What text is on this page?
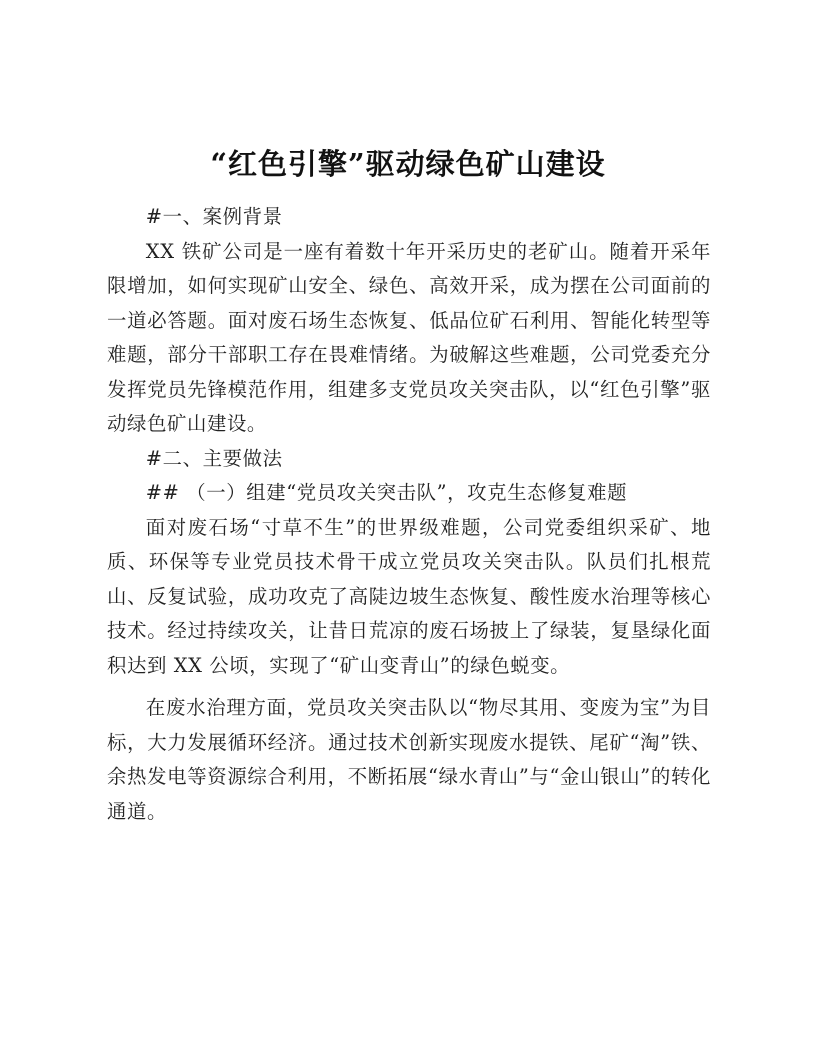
“红色引擎”驱动绿色矿山建设

#一、案例背景

XX 铁矿公司是一座有着数十年开采历史的老矿山。随着开采年限增加，如何实现矿山安全、绿色、高效开采，成为摆在公司面前的一道必答题。面对废石场生态恢复、低品位矿石利用、智能化转型等难题，部分干部职工存在畏难情绪。为破解这些难题，公司党委充分发挥党员先锋模范作用，组建多支党员攻关突击队，以“红色引擎”驱动绿色矿山建设。

#二、主要做法

## （一）组建“党员攻关突击队”，攻克生态修复难题

面对废石场“寸草不生”的世界级难题，公司党委组织采矿、地质、环保等专业党员技术骨干成立党员攻关突击队。队员们扎根荒山、反复试验，成功攻克了高陡边坡生态恢复、酸性废水治理等核心技术。经过持续攻关，让昔日荒凉的废石场披上了绿装，复垦绿化面积达到 XX 公顷，实现了“矿山变青山”的绿色蜕变。

在废水治理方面，党员攻关突击队以“物尽其用、变废为宝”为目标，大力发展循环经济。通过技术创新实现废水提铁、尾矿“淘”铁、余热发电等资源综合利用，不断拓展“绿水青山”与“金山银山”的转化通道。
